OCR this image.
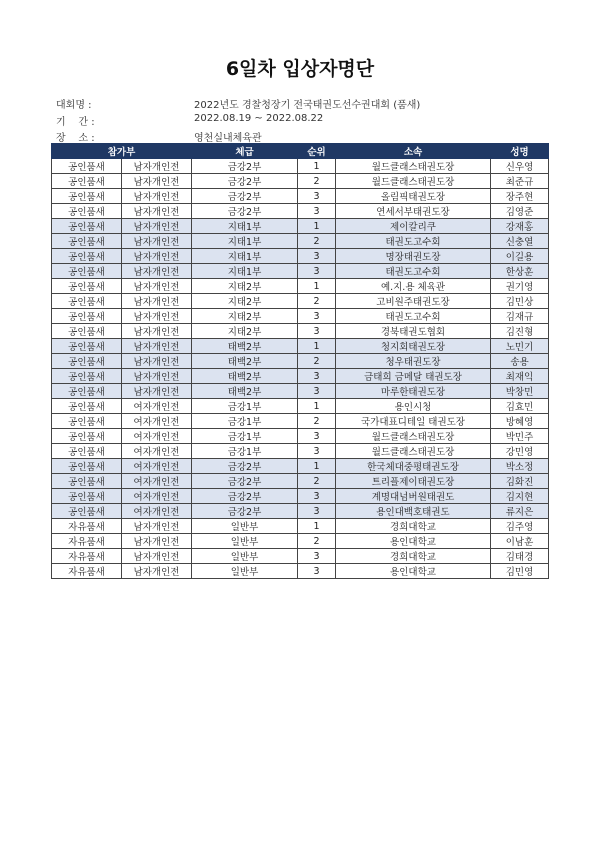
6일차 입상자명단
대회명 :	2022년도 경찰청장기 전국태권도선수권대회 (품새)
기    간 :	2022.08.19 ~ 2022.08.22
장    소 :	영천실내체육관
참가부		체급	순위	소속	성명
공인품새	남자개인전	금강2부	1	월드클래스태권도장	신우영
공인품새	남자개인전	금강2부	2	월드클래스태권도장	최준규
공인품새	남자개인전	금강2부	3	올림픽태권도장	장주현
공인품새	남자개인전	금강2부	3	연세서부태권도장	김영준
공인품새	남자개인전	지태1부	1	제이칼리쿠	강재홍
공인품새	남자개인전	지태1부	2	태권도고수회	신충열
공인품새	남자개인전	지태1부	3	명장태권도장	이길용
공인품새	남자개인전	지태1부	3	태권도고수회	한상훈
공인품새	남자개인전	지태2부	1	예.지.용 체육관	권기영
공인품새	남자개인전	지태2부	2	고비원주태권도장	김민상
공인품새	남자개인전	지태2부	3	태권도고수회	김재규
공인품새	남자개인전	지태2부	3	경북태권도협회	김진형
공인품새	남자개인전	태백2부	1	청지회태권도장	노민기
공인품새	남자개인전	태백2부	2	청우태권도장	송용
공인품새	남자개인전	태백2부	3	금태희 금메달 태권도장	최재익
공인품새	남자개인전	태백2부	3	마루한태권도장	박창민
공인품새	여자개인전	금강1부	1	용인시청	김효민
공인품새	여자개인전	금강1부	2	국가대표디테일 태권도장	방혜영
공인품새	여자개인전	금강1부	3	월드클래스태권도장	박민주
공인품새	여자개인전	금강1부	3	월드클래스태권도장	강민영
공인품새	여자개인전	금강2부	1	한국체대중평태권도장	박소정
공인품새	여자개인전	금강2부	2	트리플제이태권도장	김화진
공인품새	여자개인전	금강2부	3	계명대넘버원태권도	김지현
공인품새	여자개인전	금강2부	3	용인대백호태권도	류지은
자유품새	남자개인전	일반부	1	경희대학교	김주영
자유품새	남자개인전	일반부	2	용인대학교	이남훈
자유품새	남자개인전	일반부	3	경희대학교	김태경
자유품새	남자개인전	일반부	3	용인대학교	김민영
